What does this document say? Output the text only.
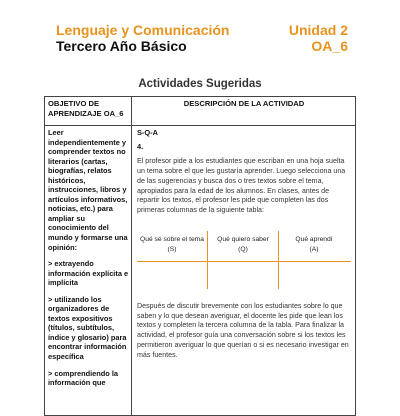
Lenguaje y Comunicación	Unidad 2
Tercero Año Básico	OA_6
Actividades Sugeridas
OBJETIVO DE APRENDIZAJE OA_6
DESCRIPCIÓN DE LA ACTIVIDAD

Leer independientemente y comprender textos no literarios (cartas, biografías, relatos históricos, instrucciones, libros y artículos informativos, noticias, etc.) para ampliar su conocimiento del mundo y formarse una opinión:

> extrayendo información explícita e implícita

> utilizando los organizadores de textos expositivos (títulos, subtítulos, índice y glosario) para encontrar información específica

> comprendiendo la información que

S-Q-A
4.

El profesor pide a los estudiantes que escriban en una hoja suelta un tema sobre el que les gustaría aprender. Luego selecciona una de las sugerencias y busca dos o tres textos sobre el tema, apropiados para la edad de los alumnos. En clases, antes de repartir los textos, el profesor les pide que completen las dos primeras columnas de la siguiente tabla:

Qué sé sobre el tema
(S)
Qué quiero saber
(Q)
Qué aprendí
(A)

Después de discutir brevemente con los estudiantes sobre lo que saben y lo que desean averiguar, el docente les pide que lean los textos y completen la tercera columna de la tabla. Para finalizar la actividad, el profesor guía una conversación sobre si los textos les permitieron averiguar lo que querían o si es necesario investigar en más fuentes.
